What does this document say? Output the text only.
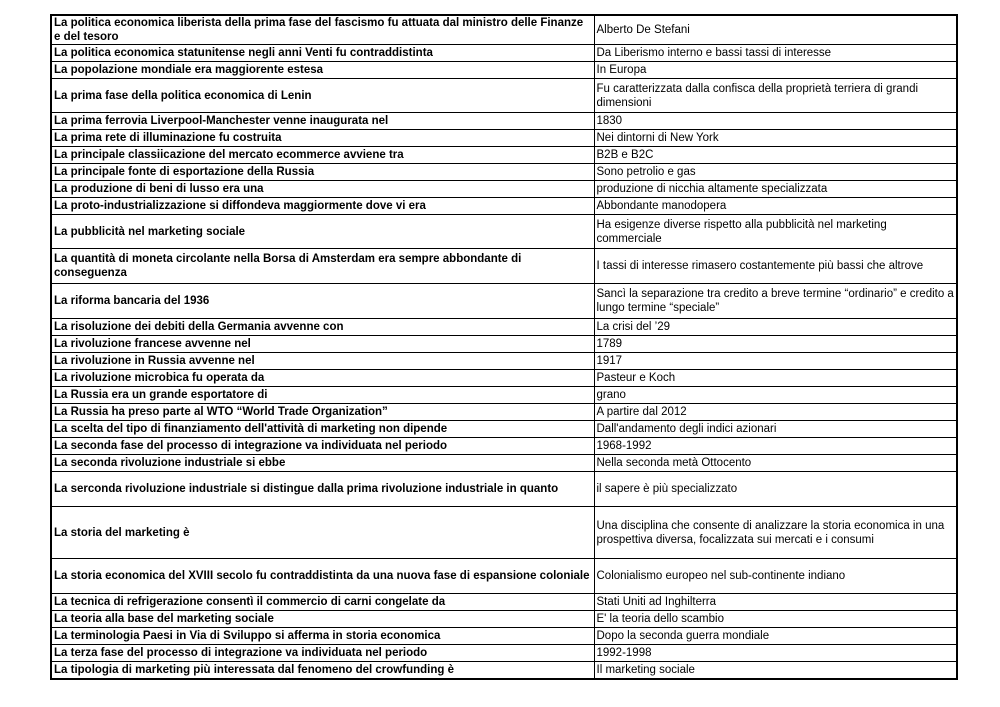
La politica economica liberista della prima fase del fascismo fu attuata dal ministro delle Finanze e del tesoro	Alberto De Stefani
La politica economica statunitense negli anni Venti fu contraddistinta	Da Liberismo interno e bassi tassi di interesse
La popolazione mondiale era maggiorente estesa	In Europa
La prima fase della politica economica di Lenin	Fu caratterizzata dalla confisca della proprietà terriera di grandi dimensioni
La prima ferrovia Liverpool-Manchester venne inaugurata nel	1830
La prima rete di illuminazione fu costruita	Nei dintorni di New York
La principale classiicazione del mercato ecommerce avviene tra	B2B e B2C
La principale fonte di esportazione della Russia	Sono petrolio e gas
La produzione di beni di lusso era una	produzione di nicchia altamente specializzata
La proto-industrializzazione si diffondeva maggiormente dove vi era	Abbondante manodopera
La pubblicità nel marketing sociale	Ha esigenze diverse rispetto alla pubblicità nel marketing commerciale
La quantità di moneta circolante nella Borsa di Amsterdam era sempre abbondante di conseguenza	I tassi di interesse rimasero costantemente più bassi che altrove
La riforma bancaria del 1936	Sancì la separazione tra credito a breve termine “ordinario” e credito a lungo termine “speciale”
La risoluzione dei debiti della Germania avvenne con	La crisi del ’29
La rivoluzione francese avvenne nel	1789
La rivoluzione in Russia avvenne nel	1917
La rivoluzione microbica fu operata da	Pasteur e Koch
La Russia era un grande esportatore di	grano
La Russia ha preso parte al WTO “World Trade Organization”	A partire dal 2012
La scelta del tipo di finanziamento dell'attività di marketing non dipende	Dall'andamento degli indici azionari
La seconda fase del processo di integrazione va individuata nel periodo	1968-1992
La seconda rivoluzione industriale si ebbe	Nella seconda metà Ottocento
La serconda rivoluzione industriale si distingue dalla prima rivoluzione industriale in quanto	il sapere è più specializzato
La storia del marketing è	Una disciplina che consente di analizzare la storia economica in una prospettiva diversa, focalizzata sui mercati e i consumi
La storia economica del XVIII secolo fu contraddistinta da una nuova fase di espansione coloniale	Colonialismo europeo nel sub-continente indiano
La tecnica di refrigerazione consentì il commercio di carni congelate da	Stati Uniti ad Inghilterra
La teoria alla base del marketing sociale	E' la teoria dello scambio
La terminologia Paesi in Via di Sviluppo si afferma in storia economica	Dopo la seconda guerra mondiale
La terza fase del processo di integrazione va individuata nel periodo	1992-1998
La tipologia di marketing più interessata dal fenomeno del crowfunding è	Il marketing sociale
